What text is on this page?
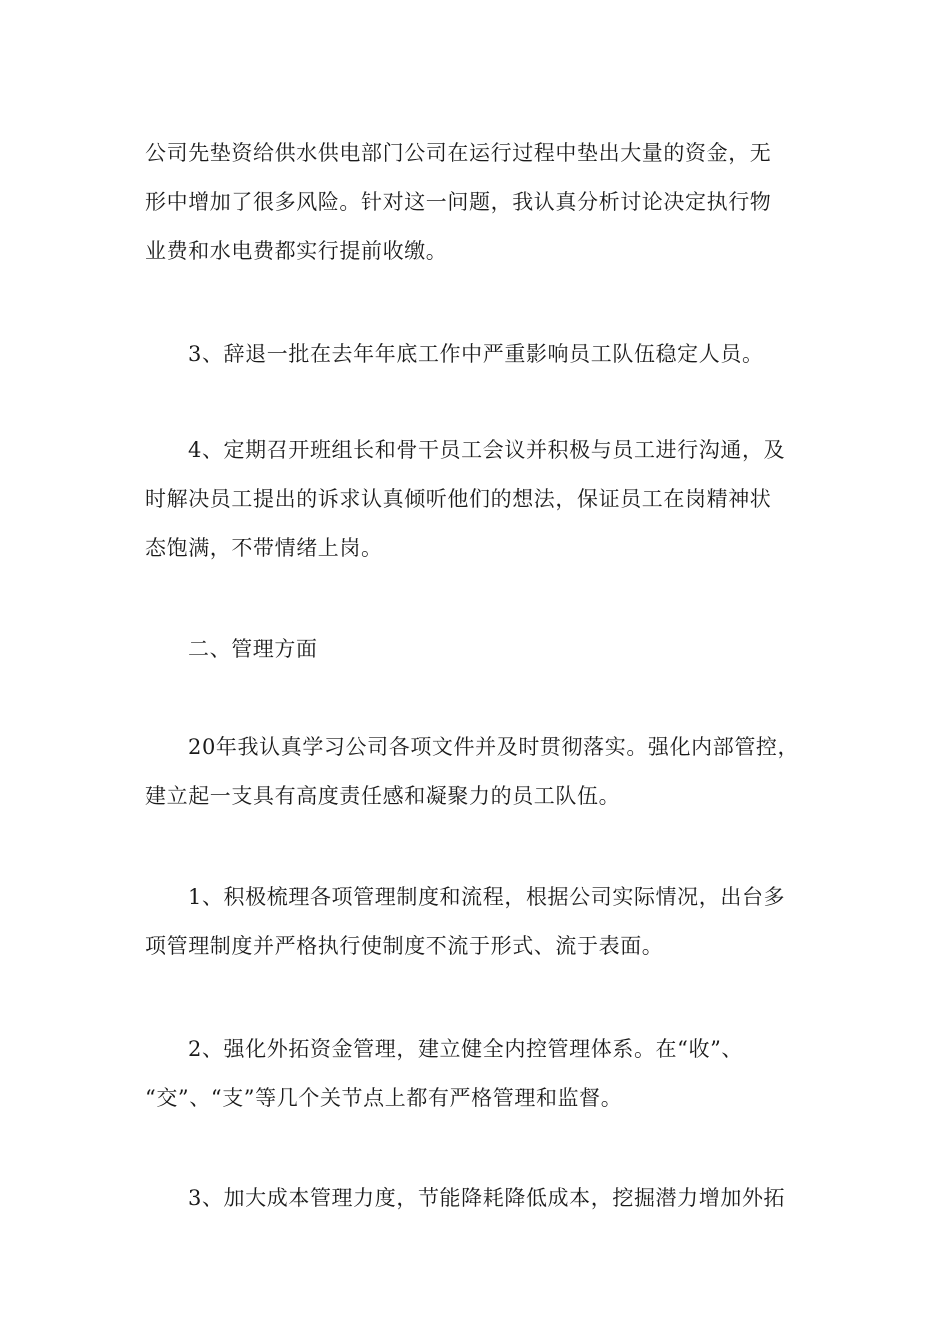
公司先垫资给供水供电部门公司在运行过程中垫出大量的资金，无
形中增加了很多风险。针对这一问题，我认真分析讨论决定执行物
业费和水电费都实行提前收缴。
3、辞退一批在去年年底工作中严重影响员工队伍稳定人员。
4、定期召开班组长和骨干员工会议并积极与员工进行沟通，及
时解决员工提出的诉求认真倾听他们的想法，保证员工在岗精神状
态饱满，不带情绪上岗。
二、管理方面
20年我认真学习公司各项文件并及时贯彻落实。强化内部管控，
建立起一支具有高度责任感和凝聚力的员工队伍。
1、积极梳理各项管理制度和流程，根据公司实际情况，出台多
项管理制度并严格执行使制度不流于形式、流于表面。
2、强化外拓资金管理，建立健全内控管理体系。在“收”、
“交”、“支”等几个关节点上都有严格管理和监督。
3、加大成本管理力度，节能降耗降低成本，挖掘潜力增加外拓
